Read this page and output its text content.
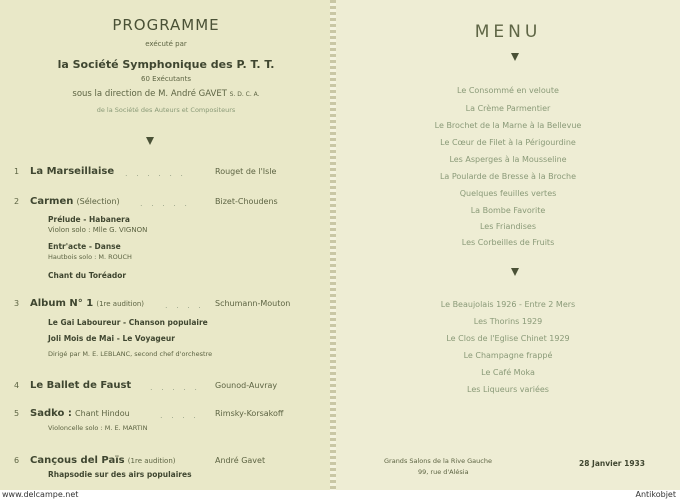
PROGRAMME
exécuté par
la Société Symphonique des P. T. T.
60 Exécutants
sous la direction de M. André GAVET S. D. C. A.
de la Société des Auteurs et Compositeurs
1 La Marseillaise . . . . . .	Rouget de l'Isle
2 Carmen (Sélection)	. . . . .	Bizet-Choudens
Prélude - Habanera
Violon solo : Mlle G. VIGNON
Entr'acte - Danse
Hautbois solo : M. ROUCH
Chant du Toréador
3 Album N° 1 (1re audition)	. . . . Schumann-Mouton
Le Gai Laboureur - Chanson populaire
Joli Mois de Mai - Le Voyageur
Dirigé par M. E. LEBLANC, second chef d'orchestre
4 Le Ballet de Faust . . . . . Gounod-Auvray
5 Sadko : Chant Hindou	. . . . Rimsky-Korsakoff
Violoncelle solo : M. E. MARTIN
6 Cançous del Païs (1re audition)	André Gavet
Rhapsodie sur des airs populaires
MENU
Le Consommé en veloute
La Crème Parmentier
Le Brochet de la Marne à la Bellevue
Le Cœur de Filet à la Périgourdine
Les Asperges à la Mousseline
La Poularde de Bresse à la Broche
Quelques feuilles vertes
La Bombe Favorite
Les Friandises
Les Corbeilles de Fruits
Le Beaujolais 1926 - Entre 2 Mers
Les Thorins 1929
Le Clos de l'Eglise Chinet 1929
Le Champagne frappé
Le Café Moka
Les Liqueurs variées
Grands Salons de la Rive Gauche
99, rue d'Alésia
28 Janvier 1933
www.delcampe.net	Antikobjet
